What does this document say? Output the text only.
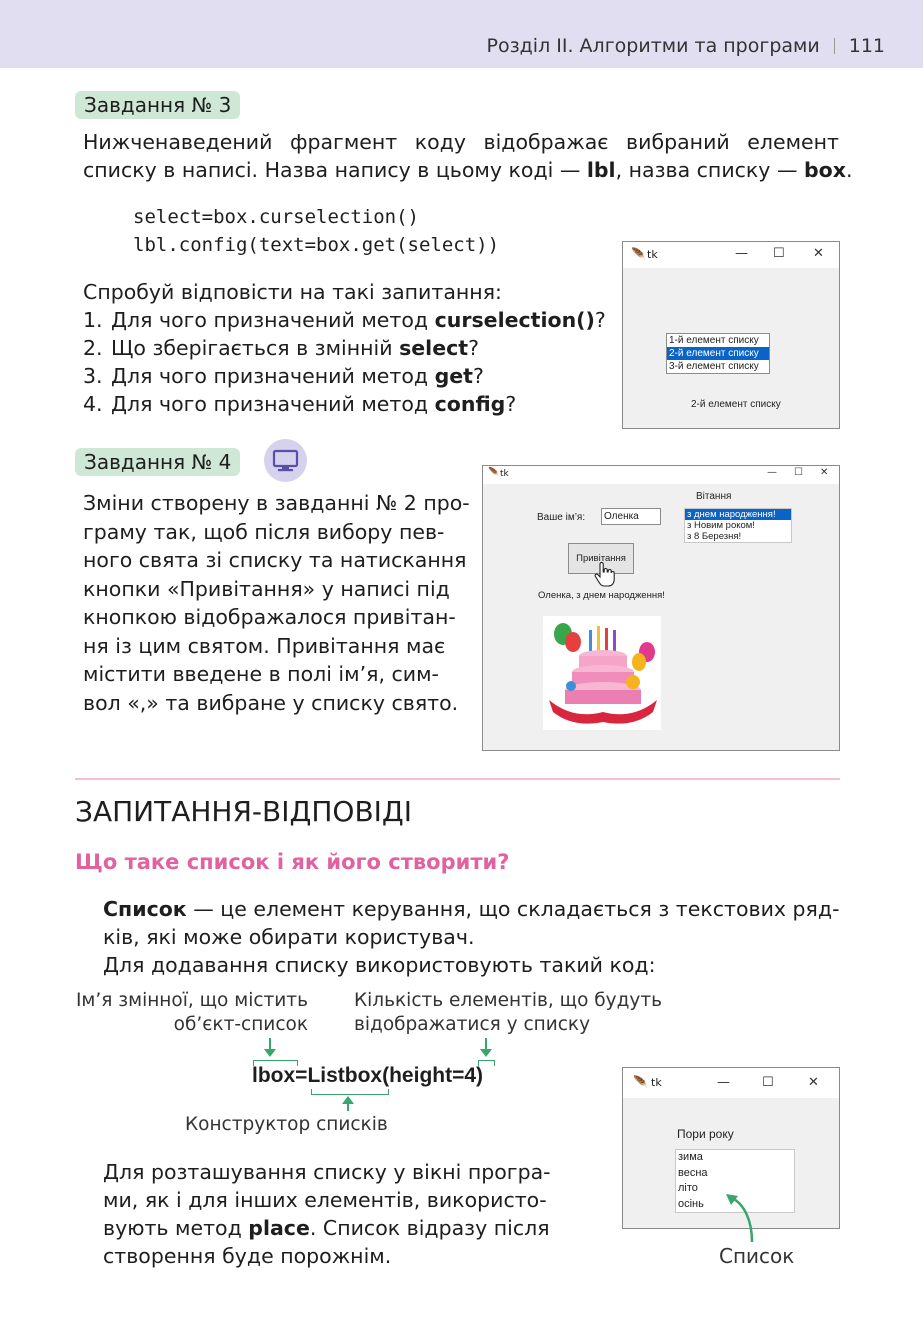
Розділ ІІ. Алгоритми та програми 111
Завдання № 3
Нижченаведений фрагмент коду відображає вибраний елемент
списку в написі. Назва напису в цьому коді — lbl, назва списку — box.
select=box.curselection()
lbl.config(text=box.get(select))
Спробуй відповісти на такі запитання:
1. Для чого призначений метод curselection()?
2. Що зберігається в змінній select?
3. Для чого призначений метод get?
4. Для чого призначений метод config?
🪶 tk	— ☐ ✕
1-й елемент списку
2-й елемент списку
3-й елемент списку
2-й елемент списку
Завдання № 4
Зміни створену в завданні № 2 про-
граму так, щоб після вибору пев-
ного свята зі списку та натискання
кнопки «Привітання» у написі під
кнопкою відображалося привітан-
ня із цим святом. Привітання має
містити введене в полі ім’я, сим-
вол «,» та вибране у списку свято.
🪶 tk	— ☐ ✕
Ваше ім’я:	Оленка
Вітання
з днем народження!
з Новим роком!
з 8 Березня!
Привітання
Оленка, з днем народження!
ЗАПИТАННЯ-ВІДПОВІДІ
Що таке список і як його створити?
Список — це елемент керування, що складається з текстових ряд-
ків, які може обирати користувач.
Для додавання списку використовують такий код:
Ім’я змінної, що містить
об’єкт-список
Кількість елементів, що будуть
відображатися у списку
lbox=Listbox(height=4)
Конструктор списків
Для розташування списку у вікні програ-
ми, як і для інших елементів, використо-
вують метод place. Список відразу після
створення буде порожнім.
🪶 tk	— ☐	✕
Пори року
зима
весна
літо
осінь
Список
